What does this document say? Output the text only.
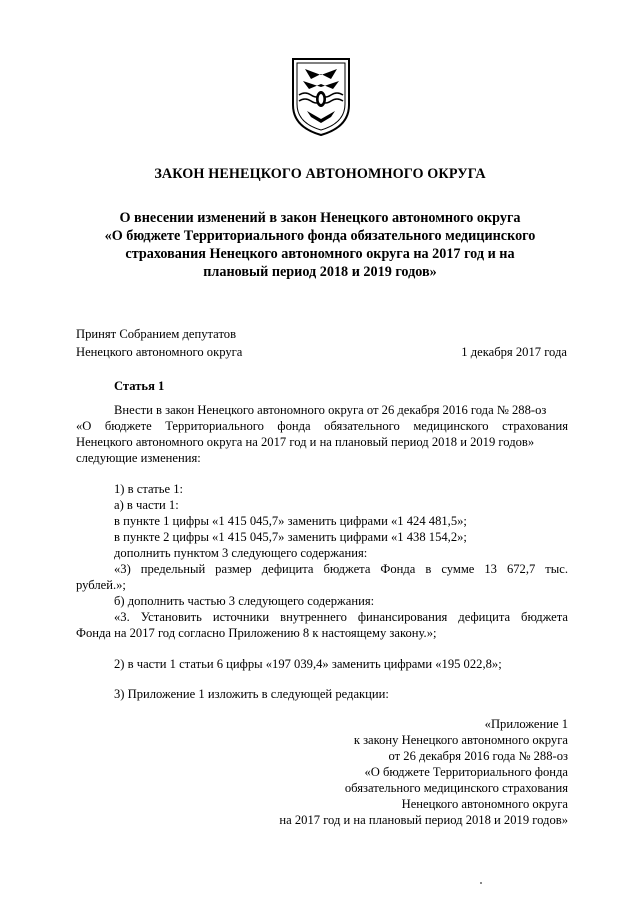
ЗАКОН НЕНЕЦКОГО АВТОНОМНОГО ОКРУГА
О внесении изменений в закон Ненецкого автономного округа
«О бюджете Территориального фонда обязательного медицинского
страхования Ненецкого автономного округа на 2017 год и на
плановый период 2018 и 2019 годов»
Принят Собранием депутатов
Ненецкого автономного округа	1 декабря 2017 года
Статья 1
Внести в закон Ненецкого автономного округа от 26 декабря 2016 года № 288-оз
«О бюджете Территориального фонда обязательного медицинского страхования
Ненецкого автономного округа на 2017 год и на плановый период 2018 и 2019 годов»
следующие изменения:
1) в статье 1:
а) в части 1:
в пункте 1 цифры «1 415 045,7» заменить цифрами «1 424 481,5»;
в пункте 2 цифры «1 415 045,7» заменить цифрами «1 438 154,2»;
дополнить пунктом 3 следующего содержания:
«3) предельный размер дефицита бюджета Фонда в сумме 13 672,7 тыс.
рублей.»;
б) дополнить частью 3 следующего содержания:
«3. Установить источники внутреннего финансирования дефицита бюджета
Фонда на 2017 год согласно Приложению 8 к настоящему закону.»;
2) в части 1 статьи 6 цифры «197 039,4» заменить цифрами «195 022,8»;
3) Приложение 1 изложить в следующей редакции:
«Приложение 1
к закону Ненецкого автономного округа
от 26 декабря 2016 года № 288-оз
«О бюджете Территориального фонда
обязательного медицинского страхования
Ненецкого автономного округа
на 2017 год и на плановый период 2018 и 2019 годов»
